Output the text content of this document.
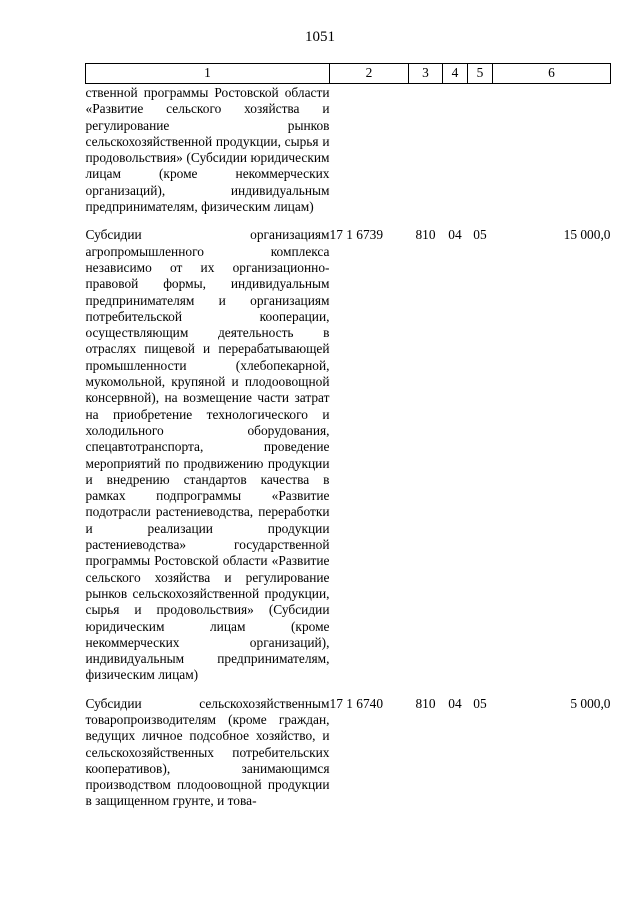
1051
1	2	3	4	5	6
ственной программы Ростовской области «Развитие сельского хозяйства и регулирование рынков сельскохозяйственной продукции, сырья и продовольствия» (Субсидии юридическим лицам (кроме некоммерческих организаций), индивидуальным предпринимателям, физическим лицам)					
Субсидии организациям агропромышленного комплекса независимо от их организационно-правовой формы, индивидуальным предпринимателям и организациям потребительской кооперации, осуществляющим деятельность в отраслях пищевой и перерабатывающей промышленности (хлебопекарной, мукомольной, крупяной и плодоовощной консервной), на возмещение части затрат на приобретение технологического и холодильного оборудования, спецавтотранспорта, проведение мероприятий по продвижению продукции и внедрению стандартов качества в рамках подпрограммы «Развитие подотрасли растениеводства, переработки и реализации продукции растениеводства» государственной программы Ростовской области «Развитие сельского хозяйства и регулирование рынков сельскохозяйственной продукции, сырья и продовольствия» (Субсидии юридическим лицам (кроме некоммерческих организаций), индивидуальным предпринимателям, физическим лицам)	17 1 6739	810	04	05	15 000,0
Субсидии сельскохозяйственным товаропроизводителям (кроме граждан, ведущих личное подсобное хозяйство, и сельскохозяйственных потребительских кооперативов), занимающимся производством плодоовощной продукции в защищенном грунте, и това-	17 1 6740	810	04	05	5 000,0
